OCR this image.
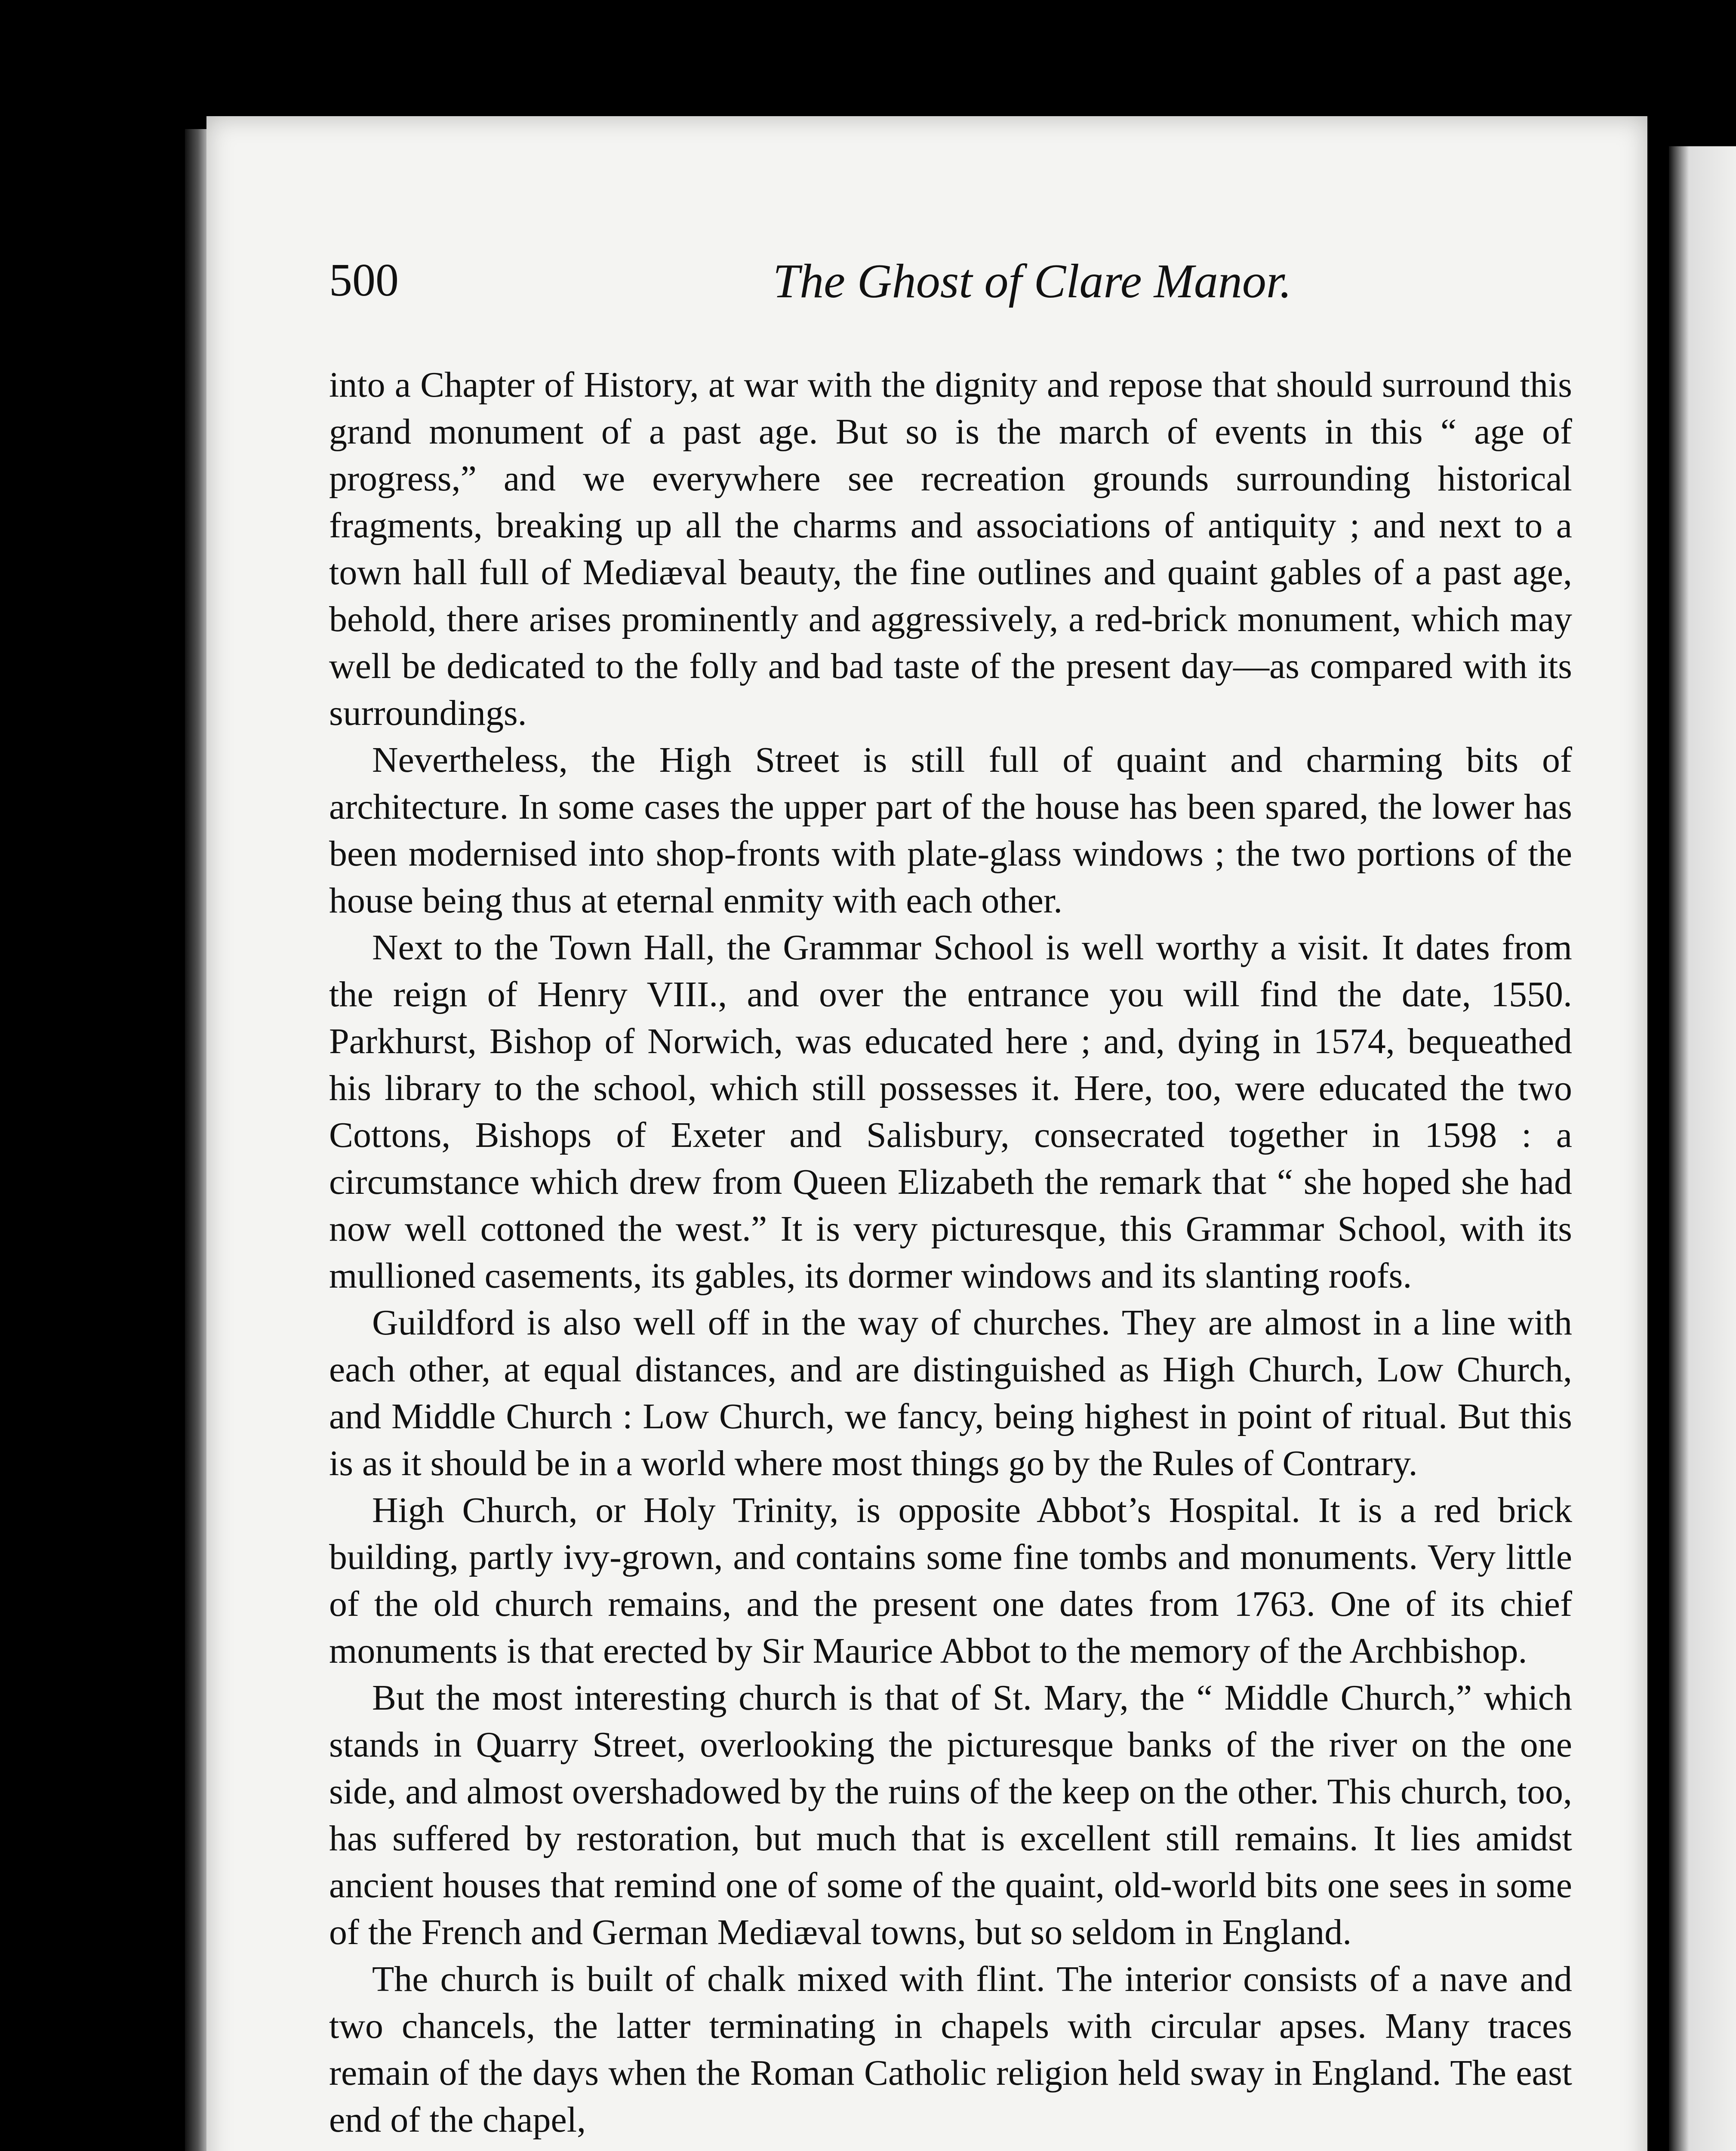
500	The Ghost of Clare Manor.

into a Chapter of History, at war with the dignity and repose that should surround this grand monument of a past age. But so is the march of events in this “ age of progress,” and we everywhere see recreation grounds surrounding historical fragments, breaking up all the charms and associations of antiquity ; and next to a town hall full of Mediæval beauty, the fine outlines and quaint gables of a past age, behold, there arises prominently and aggressively, a red-brick monument, which may well be dedicated to the folly and bad taste of the present day—as compared with its surroundings.

Nevertheless, the High Street is still full of quaint and charming bits of architecture. In some cases the upper part of the house has been spared, the lower has been modernised into shop-fronts with plate-glass windows ; the two portions of the house being thus at eternal enmity with each other.

Next to the Town Hall, the Grammar School is well worthy a visit. It dates from the reign of Henry VIII., and over the entrance you will find the date, 1550. Parkhurst, Bishop of Norwich, was educated here ; and, dying in 1574, bequeathed his library to the school, which still possesses it. Here, too, were educated the two Cottons, Bishops of Exeter and Salisbury, consecrated together in 1598 : a circumstance which drew from Queen Elizabeth the remark that “ she hoped she had now well cottoned the west.” It is very picturesque, this Grammar School, with its mullioned casements, its gables, its dormer windows and its slanting roofs.

Guildford is also well off in the way of churches. They are almost in a line with each other, at equal distances, and are distinguished as High Church, Low Church, and Middle Church : Low Church, we fancy, being highest in point of ritual. But this is as it should be in a world where most things go by the Rules of Contrary.

High Church, or Holy Trinity, is opposite Abbot’s Hospital. It is a red brick building, partly ivy-grown, and contains some fine tombs and monuments. Very little of the old church remains, and the present one dates from 1763. One of its chief monuments is that erected by Sir Maurice Abbot to the memory of the Archbishop.

But the most interesting church is that of St. Mary, the “ Middle Church,” which stands in Quarry Street, overlooking the picturesque banks of the river on the one side, and almost overshadowed by the ruins of the keep on the other. This church, too, has suffered by restoration, but much that is excellent still remains. It lies amidst ancient houses that remind one of some of the quaint, old-world bits one sees in some of the French and German Mediæval towns, but so seldom in England.

The church is built of chalk mixed with flint. The interior consists of a nave and two chancels, the latter terminating in chapels with circular apses. Many traces remain of the days when the Roman Catholic religion held sway in England. The east end of the chapel,
